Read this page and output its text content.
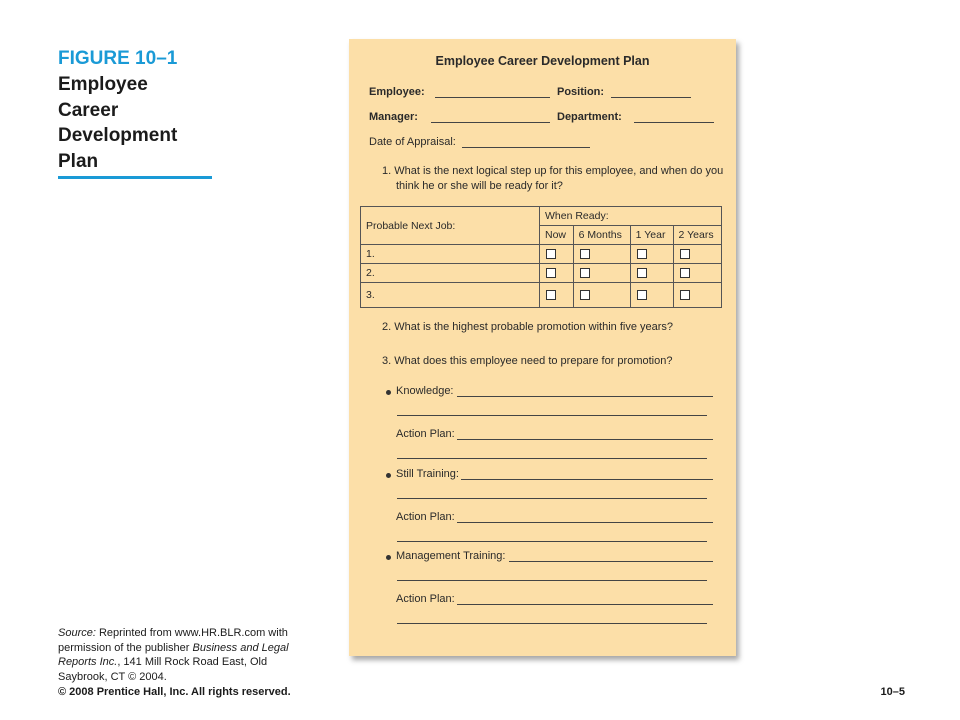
FIGURE 10–1
Employee
Career
Development
Plan
Source: Reprinted from www.HR.BLR.com with permission of the publisher Business and Legal Reports Inc., 141 Mill Rock Road East, Old Saybrook, CT © 2004.
© 2008 Prentice Hall, Inc. All rights reserved.	10–5
Employee Career Development Plan
Employee:	Position:
Manager:	Department:
Date of Appraisal:
1. What is the next logical step up for this employee, and when do you think he or she will be ready for it?
Probable Next Job:	When Ready:			
	Now	6 Months	1 Year	2 Years
1.				
2.				
3.				
2. What is the highest probable promotion within five years?
3. What does this employee need to prepare for promotion?
Knowledge:
Action Plan:
Still Training:
Action Plan:
Management Training:
Action Plan:
